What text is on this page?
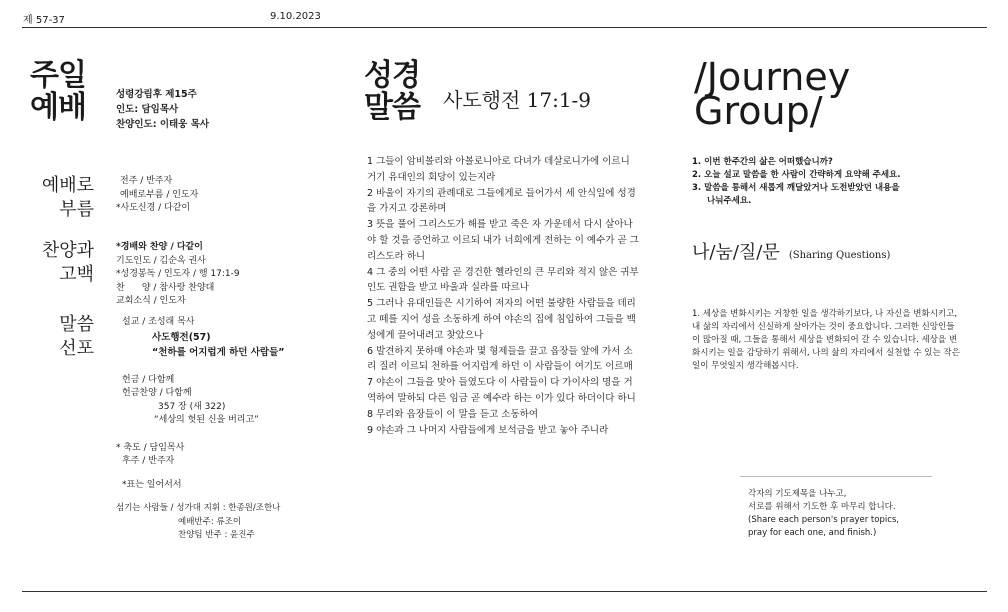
제 57-37	9.10.2023
주일
예배	성령강림후 제15주
인도: 담임목사
찬양인도: 이태웅 목사
예배로
부름
전주 / 반주자
예배로부름 / 인도자
*사도신경 / 다같이
찬양과
고백
*경배와 찬양 / 다같이
기도인도 / 김순옥 권사
*성경봉독 / 인도자 / 행 17:1-9
찬      양 / 참사랑 찬양대
교회소식 / 인도자
말씀
선포
설교 / 조성래 목사
사도행전(57)
“천하를 어지럽게 하던 사람들”
헌금 / 다함께
헌금찬양 / 다함께
357 장 (새 322)
“세상의 헛된 신을 버리고”
* 축도 / 담임목사
후주 / 반주자
*표는 일어서서
섬기는 사람들 / 성가대 지휘 : 한종원/조한나
예배반주: 류조이
찬양팀 반주 : 윤진주
성경
말씀 사도행전 17:1-9

1 그들이 암비볼리와 아볼로니아로 다녀가 데살로니가에 이르니 거기 유대인의 회당이 있는지라

2 바울이 자기의 관례대로 그들에게로 들어가서 세 안식일에 성경을 가지고 강론하며

3 뜻을 풀어 그리스도가 해를 받고 죽은 자 가운데서 다시 살아나야 할 것을 증언하고 이르되 내가 너희에게 전하는 이 예수가 곧 그리스도라 하니

4 그 중의 어떤 사람 곧 경건한 헬라인의 큰 무리와 적지 않은 귀부인도 권함을 받고 바울과 실라를 따르나

5 그러나 유대인들은 시기하여 저자의 어떤 불량한 사람들을 데리고 떼를 지어 성을 소동하게 하여 야손의 집에 침입하여 그들을 백성에게 끌어내려고 찾았으나

6 발견하지 못하매 야손과 몇 형제들을 끌고 읍장들 앞에 가서 소리 질러 이르되 천하를 어지럽게 하던 이 사람들이 여기도 이르매

7 야손이 그들을 맞아 들였도다 이 사람들이 다 가이사의 명을 거역하여 말하되 다른 임금 곧 예수라 하는 이가 있다 하더이다 하니

8 무리와 읍장들이 이 말을 듣고 소동하여

9 야손과 그 나머지 사람들에게 보석금을 받고 놓아 주니라

/Journey
Group/
1. 이번 한주간의 삶은 어떠했습니까?
2. 오늘 설교 말씀을 한 사람이 간략하게 요약해 주세요.
3. 말씀을 통해서 새롭게 깨달았거나 도전받았던 내용을
나눠주세요.
나/눔/질/문 (Sharing Questions)
1. 세상을 변화시키는 거창한 일을 생각하기보다, 나 자신을 변화시키고, 내 삶의 자리에서 신실하게 살아가는 것이 중요합니다. 그러한 신앙인들이 많아질 때, 그들을 통해서 세상을 변화되어 갈 수 있습니다. 세상을 변화시키는 일을 감당하기 위해서, 나의 삶의 자리에서 실천할 수 있는 작은 일이 무엇일지 생각해봅시다.
각자의 기도제목을 나누고,
서로를 위해서 기도한 후 마무리 합니다.
(Share each person's prayer topics,
pray for each one, and finish.)
